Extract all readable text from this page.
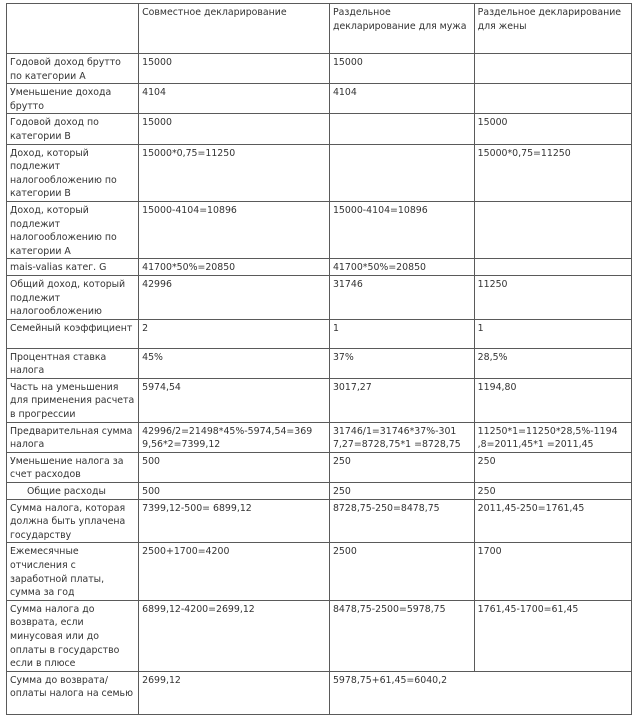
	Совместное декларирование	Раздельное декларирование для мужа	Раздельное декларирование для жены
Годовой доход брутто по категории A	15000	15000	
Уменьшение дохода брутто	4104	4104	
Годовой доход по категории B	15000		15000
Доход, который подлежит налогообложению по категории B	15000*0,75=11250		15000*0,75=11250
Доход, который подлежит налогообложению по категории A	15000-4104=10896	15000-4104=10896	
mais-valias катег. G	41700*50%=20850	41700*50%=20850	
Общий доход, который подлежит налогообложению	42996	31746	11250
Семейный коэффициент	2	1	1
Процентная ставка налога	45%	37%	28,5%
Часть на уменьшения для применения расчета в прогрессии	5974,54	3017,27	1194,80
Предварительная сумма налога	42996/2=21498*45%-5974,54=369 9,56*2=7399,12	31746/1=31746*37%-301 7,27=8728,75*1 =8728,75	11250*1=11250*28,5%-1194 ,8=2011,45*1 =2011,45
Уменьшение налога за счет расходов	500	250	250
Общие расходы	500	250	250
Сумма налога, которая должна быть уплачена государству	7399,12-500= 6899,12	8728,75-250=8478,75	2011,45-250=1761,45
Ежемесячные отчисления с заработной платы, сумма за год	2500+1700=4200	2500	1700
Сумма налога до возврата, если минусовая или до оплаты в государство если в плюсе	6899,12-4200=2699,12	8478,75-2500=5978,75	1761,45-1700=61,45
Сумма до возврата/оплаты налога на семью	2699,12	5978,75+61,45=6040,2	
